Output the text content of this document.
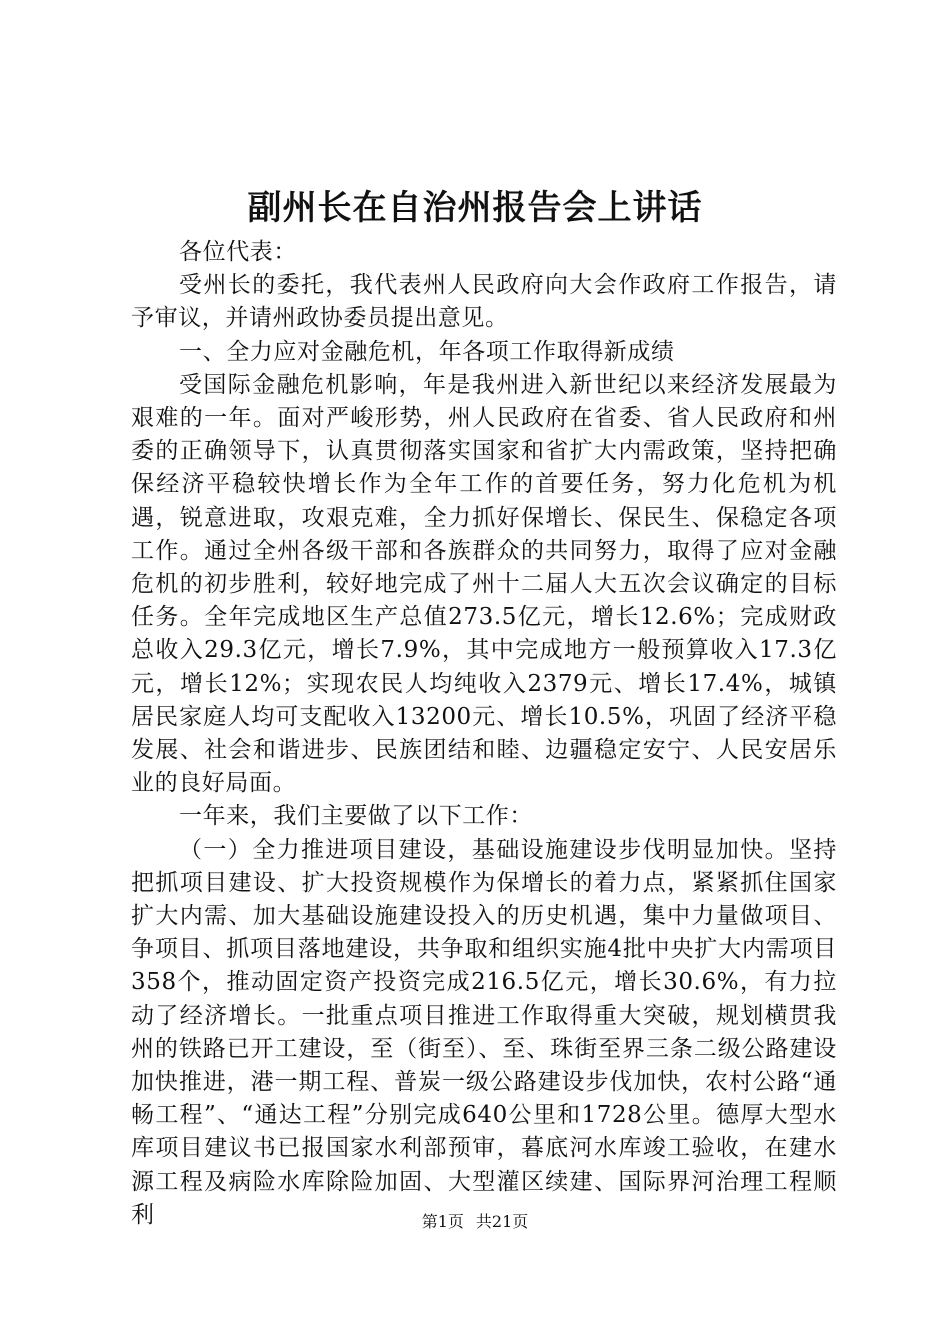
副州长在自治州报告会上讲话

各位代表：

受州长的委托，我代表州人民政府向大会作政府工作报告，请予审议，并请州政协委员提出意见。

一、全力应对金融危机，年各项工作取得新成绩

受国际金融危机影响，年是我州进入新世纪以来经济发展最为艰难的一年。面对严峻形势，州人民政府在省委、省人民政府和州委的正确领导下，认真贯彻落实国家和省扩大内需政策，坚持把确保经济平稳较快增长作为全年工作的首要任务，努力化危机为机遇，锐意进取，攻艰克难，全力抓好保增长、保民生、保稳定各项工作。通过全州各级干部和各族群众的共同努力，取得了应对金融危机的初步胜利，较好地完成了州十二届人大五次会议确定的目标任务。全年完成地区生产总值273.5亿元，增长12.6%；完成财政总收入29.3亿元，增长7.9%，其中完成地方一般预算收入17.3亿元，增长12%；实现农民人均纯收入2379元、增长17.4%，城镇居民家庭人均可支配收入13200元、增长10.5%，巩固了经济平稳发展、社会和谐进步、民族团结和睦、边疆稳定安宁、人民安居乐业的良好局面。

一年来，我们主要做了以下工作：

（一）全力推进项目建设，基础设施建设步伐明显加快。坚持把抓项目建设、扩大投资规模作为保增长的着力点，紧紧抓住国家扩大内需、加大基础设施建设投入的历史机遇，集中力量做项目、争项目、抓项目落地建设，共争取和组织实施4批中央扩大内需项目358个，推动固定资产投资完成216.5亿元，增长30.6%，有力拉动了经济增长。一批重点项目推进工作取得重大突破，规划横贯我州的铁路已开工建设，至（街至）、至、珠街至界三条二级公路建设加快推进，港一期工程、普炭一级公路建设步伐加快，农村公路“通畅工程”、“通达工程”分别完成640公里和1728公里。德厚大型水库项目建议书已报国家水利部预审，暮底河水库竣工验收，在建水源工程及病险水库除险加固、大型灌区续建、国际界河治理工程顺利	第1页 共21页
